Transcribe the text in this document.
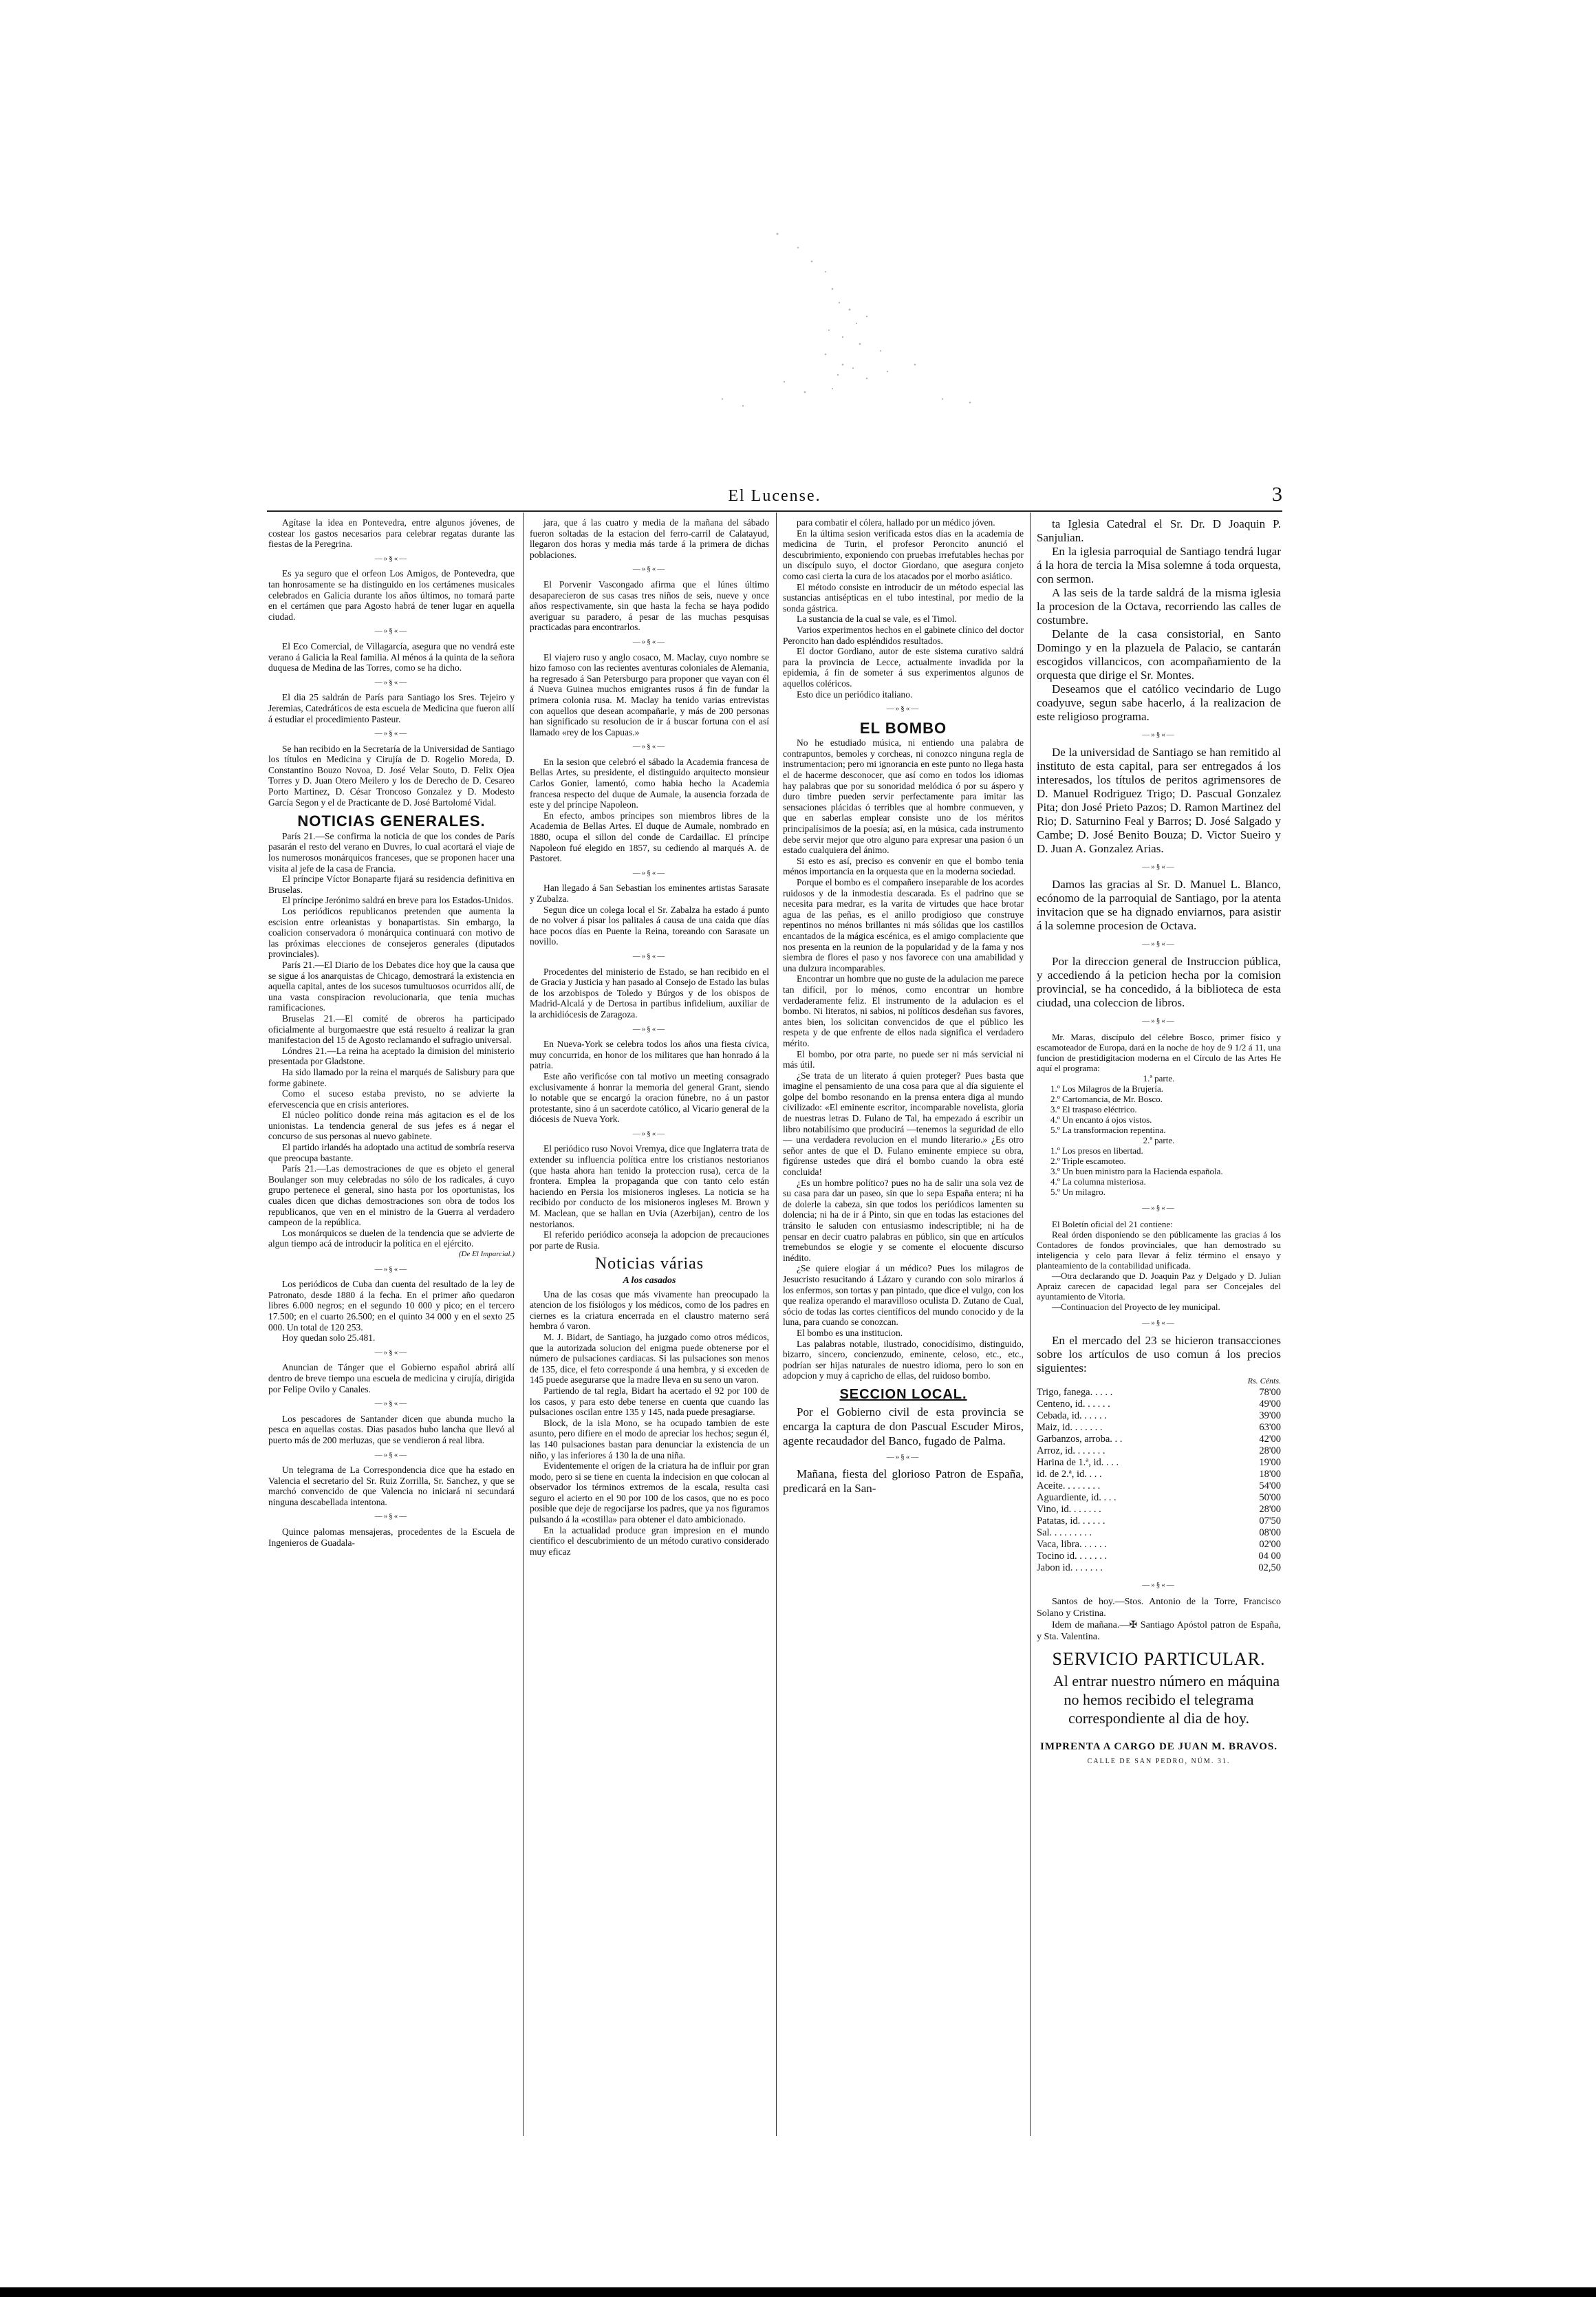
El Lucense.	3

Agítase la idea en Pontevedra, entre algunos jóvenes, de costear los gastos necesarios para celebrar regatas durante las fiestas de la Peregrina.

—»§«—

Es ya seguro que el orfeon Los Amigos, de Pontevedra, que tan honrosamente se ha distinguido en los certámenes musicales celebrados en Galicia durante los años últimos, no tomará parte en el certámen que para Agosto habrá de tener lugar en aquella ciudad.

—»§«—

El Eco Comercial, de Villagarcía, asegura que no vendrá este verano á Galicia la Real familia. Al ménos á la quinta de la señora duquesa de Medina de las Torres, como se ha dicho.

—»§«—

El dia 25 saldrán de París para Santiago los Sres. Tejeiro y Jeremias, Catedráticos de esta escuela de Medicina que fueron allí á estudiar el procedimiento Pasteur.

—»§«—

Se han recibido en la Secretaría de la Universidad de Santiago los títulos en Medicina y Cirujía de D. Rogelio Moreda, D. Constantino Bouzo Novoa, D. José Velar Souto, D. Felix Ojea Torres y D. Juan Otero Meilero y los de Derecho de D. Cesareo Porto Martinez, D. César Troncoso Gonzalez y D. Modesto García Segon y el de Practicante de D. José Bartolomé Vidal.

NOTICIAS GENERALES.

París 21.—Se confirma la noticia de que los condes de París pasarán el resto del verano en Duvres, lo cual acortará el viaje de los numerosos monárquicos franceses, que se proponen hacer una visita al jefe de la casa de Francia.

El príncipe Víctor Bonaparte fijará su residencia definitiva en Bruselas.

El príncipe Jerónimo saldrá en breve para los Estados-Unidos.

Los periódicos republicanos pretenden que aumenta la escision entre orleanistas y bonapartistas. Sin embargo, la coalicion conservadora ó monárquica continuará con motivo de las próximas elecciones de consejeros generales (diputados provinciales).

París 21.—El Diario de los Debates dice hoy que la causa que se sigue á los anarquistas de Chicago, demostrará la existencia en aquella capital, antes de los sucesos tumultuosos ocurridos allí, de una vasta conspiracion revolucionaria, que tenia muchas ramificaciones.

Bruselas 21.—El comité de obreros ha participado oficialmente al burgomaestre que está resuelto á realizar la gran manifestacion del 15 de Agosto reclamando el sufragio universal.

Lóndres 21.—La reina ha aceptado la dimision del ministerio presentada por Gladstone.

Ha sido llamado por la reina el marqués de Salisbury para que forme gabinete.

Como el suceso estaba previsto, no se advierte la efervescencia que en crisis anteriores.

El núcleo político donde reina más agitacion es el de los unionistas. La tendencia general de sus jefes es á negar el concurso de sus personas al nuevo gabinete.

El partido irlandés ha adoptado una actitud de sombría reserva que preocupa bastante.

París 21.—Las demostraciones de que es objeto el general Boulanger son muy celebradas no sólo de los radicales, á cuyo grupo pertenece el general, sino hasta por los oportunistas, los cuales dicen que dichas demostraciones son obra de todos los republicanos, que ven en el ministro de la Guerra al verdadero campeon de la república.

Los monárquicos se duelen de la tendencia que se advierte de algun tiempo acá de introducir la política en el ejército.

(De El Imparcial.)

—»§«—

Los periódicos de Cuba dan cuenta del resultado de la ley de Patronato, desde 1880 á la fecha. En el primer año quedaron libres 6.000 negros; en el segundo 10 000 y pico; en el tercero 17.500; en el cuarto 26.500; en el quinto 34 000 y en el sexto 25 000. Un total de 120 253.

Hoy quedan solo 25.481.

—»§«—

Anuncian de Tánger que el Gobierno español abrirá allí dentro de breve tiempo una escuela de medicina y cirujía, dirigida por Felipe Ovilo y Canales.

—»§«—

Los pescadores de Santander dicen que abunda mucho la pesca en aquellas costas. Dias pasados hubo lancha que llevó al puerto más de 200 merluzas, que se vendieron á real libra.

—»§«—

Un telegrama de La Correspondencia dice que ha estado en Valencia el secretario del Sr. Ruiz Zorrilla, Sr. Sanchez, y que se marchó convencido de que Valencia no iniciará ni secundará ninguna descabellada intentona.

—»§«—

Quince palomas mensajeras, procedentes de la Escuela de Ingenieros de Guadala-

jara, que á las cuatro y media de la mañana del sábado fueron soltadas de la estacion del ferro-carril de Calatayud, llegaron dos horas y media más tarde á la primera de dichas poblaciones.

—»§«—

El Porvenir Vascongado afirma que el lúnes último desaparecieron de sus casas tres niños de seis, nueve y once años respectivamente, sin que hasta la fecha se haya podido averiguar su paradero, á pesar de las muchas pesquisas practicadas para encontrarlos.

—»§«—

El viajero ruso y anglo cosaco, M. Maclay, cuyo nombre se hizo famoso con las recientes aventuras coloniales de Alemania, ha regresado á San Petersburgo para proponer que vayan con él á Nueva Guinea muchos emigrantes rusos á fin de fundar la primera colonia rusa. M. Maclay ha tenido varias entrevistas con aquellos que desean acompañarle, y más de 200 personas han significado su resolucion de ir á buscar fortuna con el así llamado «rey de los Capuas.»

—»§«—

En la sesion que celebró el sábado la Academia francesa de Bellas Artes, su presidente, el distinguido arquitecto monsieur Carlos Gonier, lamentó, como habia hecho la Academia francesa respecto del duque de Aumale, la ausencia forzada de este y del príncipe Napoleon.

En efecto, ambos príncipes son miembros libres de la Academia de Bellas Artes. El duque de Aumale, nombrado en 1880, ocupa el sillon del conde de Cardaillac. El príncipe Napoleon fué elegido en 1857, su cediendo al marqués A. de Pastoret.

—»§«—

Han llegado á San Sebastian los eminentes artistas Sarasate y Zubalza.

Segun dice un colega local el Sr. Zabalza ha estado á punto de no volver á pisar los palitales á causa de una caida que días hace pocos días en Puente la Reina, toreando con Sarasate un novillo.

—»§«—

Procedentes del ministerio de Estado, se han recibido en el de Gracia y Justicia y han pasado al Consejo de Estado las bulas de los arzobispos de Toledo y Búrgos y de los obispos de Madrid-Alcalá y de Dertosa in partibus infidelium, auxiliar de la archidiócesis de Zaragoza.

—»§«—

En Nueva-York se celebra todos los años una fiesta cívica, muy concurrida, en honor de los militares que han honrado á la patria.

Este año verificóse con tal motivo un meeting consagrado exclusivamente á honrar la memoria del general Grant, siendo lo notable que se encargó la oracion fúnebre, no á un pastor protestante, sino á un sacerdote católico, al Vicario general de la diócesis de Nueva York.

—»§«—

El periódico ruso Novoi Vremya, dice que Inglaterra trata de extender su influencia política entre los cristianos nestorianos (que hasta ahora han tenido la proteccion rusa), cerca de la frontera. Emplea la propaganda que con tanto celo están haciendo en Persia los misioneros ingleses. La noticia se ha recibido por conducto de los misioneros ingleses M. Brown y M. Maclean, que se hallan en Uvia (Azerbijan), centro de los nestorianos.

El referido periódico aconseja la adopcion de precauciones por parte de Rusia.

Noticias várias
A los casados

Una de las cosas que más vivamente han preocupado la atencion de los fisiólogos y los médicos, como de los padres en ciernes es la criatura encerrada en el claustro materno será hembra ó varon.

M. J. Bidart, de Santiago, ha juzgado como otros médicos, que la autorizada solucion del enigma puede obtenerse por el número de pulsaciones cardiacas. Si las pulsaciones son menos de 135, dice, el feto corresponde á una hembra, y si exceden de 145 puede asegurarse que la madre lleva en su seno un varon.

Partiendo de tal regla, Bidart ha acertado el 92 por 100 de los casos, y para esto debe tenerse en cuenta que cuando las pulsaciones oscilan entre 135 y 145, nada puede presagiarse.

Block, de la isla Mono, se ha ocupado tambien de este asunto, pero difiere en el modo de apreciar los hechos; segun él, las 140 pulsaciones bastan para denunciar la existencia de un niño, y las inferiores á 130 la de una niña.

Evidentemente el orígen de la criatura ha de influir por gran modo, pero si se tiene en cuenta la indecision en que colocan al observador los términos extremos de la escala, resulta casi seguro el acierto en el 90 por 100 de los casos, que no es poco posible que deje de regocijarse los padres, que ya nos figuramos pulsando á la «costilla» para obtener el dato ambicionado.

En la actualidad produce gran impresion en el mundo científico el descubrimiento de un método curativo considerado muy eficaz

para combatir el cólera, hallado por un médico jóven.

En la última sesion verificada estos días en la academia de medicina de Turin, el profesor Peroncito anunció el descubrimiento, exponiendo con pruebas irrefutables hechas por un discípulo suyo, el doctor Giordano, que asegura conjeto como casi cierta la cura de los atacados por el morbo asiático.

El método consiste en introducir de un método especial las sustancias antisépticas en el tubo intestinal, por medio de la sonda gástrica.

La sustancia de la cual se vale, es el Timol.

Varios experimentos hechos en el gabinete clínico del doctor Peroncito han dado espléndidos resultados.

El doctor Gordiano, autor de este sistema curativo saldrá para la provincia de Lecce, actualmente invadida por la epidemia, á fin de someter á sus experimentos algunos de aquellos coléricos.

Esto dice un periódico italiano.

—»§«—
EL BOMBO

No he estudiado música, ni entiendo una palabra de contrapuntos, bemoles y corcheas, ni conozco ninguna regla de instrumentacion; pero mi ignorancia en este punto no llega hasta el de hacerme desconocer, que así como en todos los idiomas hay palabras que por su sonoridad melódica ó por su áspero y duro timbre pueden servir perfectamente para imitar las sensaciones plácidas ó terribles que al hombre conmueven, y que en saberlas emplear consiste uno de los méritos principalísimos de la poesía; así, en la música, cada instrumento debe servir mejor que otro alguno para expresar una pasion ó un estado cualquiera del ánimo.

Si esto es así, preciso es convenir en que el bombo tenia ménos importancia en la orquesta que en la moderna sociedad.

Porque el bombo es el compañero inseparable de los acordes ruidosos y de la inmodestia descarada. Es el padrino que se necesita para medrar, es la varita de virtudes que hace brotar agua de las peñas, es el anillo prodigioso que construye repentinos no ménos brillantes ni más sólidas que los castillos encantados de la mágica escénica, es el amigo complaciente que nos presenta en la reunion de la popularidad y de la fama y nos siembra de flores el paso y nos favorece con una amabilidad y una dulzura incomparables.

Encontrar un hombre que no guste de la adulacion me parece tan difícil, por lo ménos, como encontrar un hombre verdaderamente feliz. El instrumento de la adulacion es el bombo. Ni literatos, ni sabios, ni políticos desdeñan sus favores, antes bien, los solicitan convencidos de que el público les respeta y de que enfrente de ellos nada significa el verdadero mérito.

El bombo, por otra parte, no puede ser ni más servicial ni más útil.

¿Se trata de un literato á quien proteger? Pues basta que imagine el pensamiento de una cosa para que al día siguiente el golpe del bombo resonando en la prensa entera diga al mundo civilizado: «El eminente escritor, incomparable novelista, gloria de nuestras letras D. Fulano de Tal, ha empezado á escribir un libro notabilísimo que producirá —tenemos la seguridad de ello— una verdadera revolucion en el mundo literario.» ¿Es otro señor antes de que el D. Fulano eminente empiece su obra, figúrense ustedes que dirá el bombo cuando la obra esté concluida!

¿Es un hombre político? pues no ha de salir una sola vez de su casa para dar un paseo, sin que lo sepa España entera; ni ha de dolerle la cabeza, sin que todos los periódicos lamenten su dolencia; ni ha de ir á Pinto, sin que en todas las estaciones del tránsito le saluden con entusiasmo indescriptible; ni ha de pensar en decir cuatro palabras en público, sin que en artículos tremebundos se elogie y se comente el elocuente discurso inédito.

¿Se quiere elogiar á un médico? Pues los milagros de Jesucristo resucitando á Lázaro y curando con solo mirarlos á los enfermos, son tortas y pan pintado, que dice el vulgo, con los que realiza operando el maravilloso oculista D. Zutano de Cual, sócio de todas las cortes científicos del mundo conocido y de la luna, para cuando se conozcan.

El bombo es una institucion.

Las palabras notable, ilustrado, conocidísimo, distinguido, bizarro, sincero, concienzudo, eminente, celoso, etc., etc., podrían ser hijas naturales de nuestro idioma, pero lo son en adopcion y muy á capricho de ellas, del ruidoso bombo.

SECCION LOCAL.

Por el Gobierno civil de esta provincia se encarga la captura de don Pascual Escuder Miros, agente recaudador del Banco, fugado de Palma.

—»§«—

Mañana, fiesta del glorioso Patron de España, predicará en la San-

ta Iglesia Catedral el Sr. Dr. D Joaquin P. Sanjulian.

En la iglesia parroquial de Santiago tendrá lugar á la hora de tercia la Misa solemne á toda orquesta, con sermon.

A las seis de la tarde saldrá de la misma iglesia la procesion de la Octava, recorriendo las calles de costumbre.

Delante de la casa consistorial, en Santo Domingo y en la plazuela de Palacio, se cantarán escogidos villancicos, con acompañamiento de la orquesta que dirige el Sr. Montes.

Deseamos que el católico vecindario de Lugo coadyuve, segun sabe hacerlo, á la realizacion de este religioso programa.

—»§«—

De la universidad de Santiago se han remitido al instituto de esta capital, para ser entregados á los interesados, los títulos de peritos agrimensores de D. Manuel Rodriguez Trigo; D. Pascual Gonzalez Pita; don José Prieto Pazos; D. Ramon Martinez del Rio; D. Saturnino Feal y Barros; D. José Salgado y Cambe; D. José Benito Bouza; D. Victor Sueiro y D. Juan A. Gonzalez Arias.

—»§«—

Damos las gracias al Sr. D. Manuel L. Blanco, ecónomo de la parroquial de Santiago, por la atenta invitacion que se ha dignado enviarnos, para asistir á la solemne procesion de Octava.

—»§«—

Por la direccion general de Instruccion pública, y accediendo á la peticion hecha por la comision provincial, se ha concedido, á la biblioteca de esta ciudad, una coleccion de libros.

—»§«—

Mr. Maras, discípulo del célebre Bosco, primer físico y escamoteador de Europa, dará en la noche de hoy de 9 1/2 á 11, una funcion de prestidigitacion moderna en el Círculo de las Artes He aquí el programa:

1.ª parte.
1.º Los Milagros de la Brujería.
2.º Cartomancia, de Mr. Bosco.
3.º El traspaso eléctrico.
4.º Un encanto á ojos vistos.
5.º La transformacion repentina.
2.ª parte.
1.º Los presos en libertad.
2.º Triple escamoteo.
3.º Un buen ministro para la Hacienda española.
4.º La columna misteriosa.
5.º Un milagro.
—»§«—

El Boletín oficial del 21 contiene:

Real órden disponiendo se den públicamente las gracias á los Contadores de fondos provinciales, que han demostrado su inteligencia y celo para llevar á feliz término el ensayo y planteamiento de la contabilidad unificada.

—Otra declarando que D. Joaquin Paz y Delgado y D. Julian Apraiz carecen de capacidad legal para ser Concejales del ayuntamiento de Vitoria.

—Continuacion del Proyecto de ley municipal.

—»§«—

En el mercado del 23 se hicieron transacciones sobre los artículos de uso comun á los precios siguientes:

	Rs. Cénts.
Trigo, fanega. . . . .	78'00
Centeno, id. . . . . .	49'00
Cebada, id. . . . . .	39'00
Maiz, id. . . . . . .	63'00
Garbanzos, arroba. . .	42'00
Arroz, id. . . . . . .	28'00
Harina de 1.ª, id. . . .	19'00
id. de 2.ª, id. . . .	18'00
Aceite. . . . . . . .	54'00
Aguardiente, id. . . .	50'00
Vino, id. . . . . . .	28'00
Patatas, id. . . . . .	07'50
Sal. . . . . . . . .	08'00
Vaca, libra. . . . . .	02'00
Tocino id. . . . . . .	04 00
Jabon id. . . . . . .	02,50
—»§«—

Santos de hoy.—Stos. Antonio de la Torre, Francisco Solano y Cristina.

Idem de mañana.—✠ Santiago Apóstol patron de España, y Sta. Valentina.

SERVICIO PARTICULAR.

Al entrar nuestro número en máquina no hemos recibido el telegrama correspondiente al dia de hoy.

IMPRENTA A CARGO DE JUAN M. BRAVOS.
CALLE DE SAN PEDRO, NÚM. 31.
